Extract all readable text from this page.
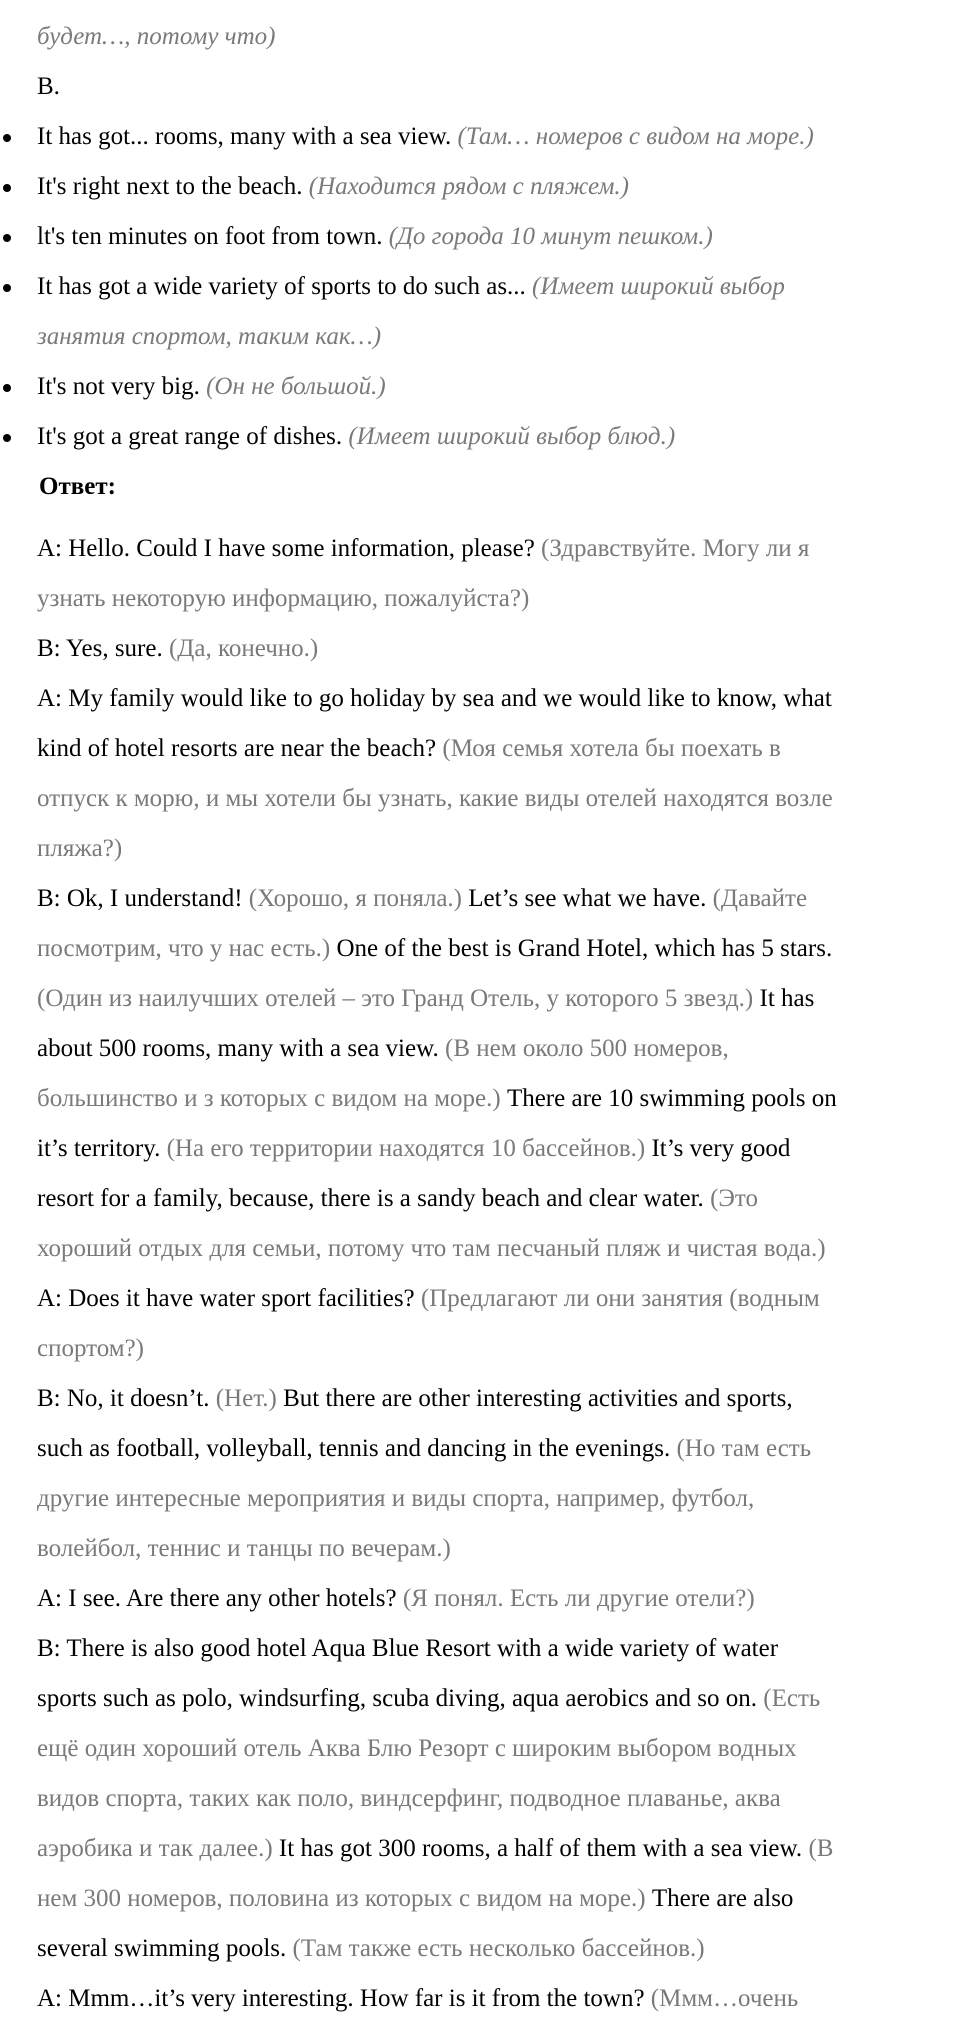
будет…, потому что)
B.
It has got... rooms, many with a sea view. (Там… номеров с видом на море.)
It's right next to the beach. (Находится рядом с пляжем.)
lt's ten minutes on foot from town. (До города 10 минут пешком.)
It has got a wide variety of sports to do such as... (Имеет широкий выбор
занятия спортом, таким как…)
It's not very big. (Он не большой.)
It's got a great range of dishes. (Имеет широкий выбор блюд.)
Ответ:

A: Hello. Could I have some information, please? (Здравствуйте. Могу ли я

узнать некоторую информацию, пожалуйста?)

B: Yes, sure. (Да, конечно.)

A: My family would like to go holiday by sea and we would like to know, what

kind of hotel resorts are near the beach? (Моя семья хотела бы поехать в

отпуск к морю, и мы хотели бы узнать, какие виды отелей находятся возле

пляжа?)

B: Ok, I understand! (Хорошо, я поняла.) Let’s see what we have. (Давайте

посмотрим, что у нас есть.) One of the best is Grand Hotel, which has 5 stars.

(Один из наилучших отелей – это Гранд Отель, у которого 5 звезд.) It has

about 500 rooms, many with a sea view. (В нем около 500 номеров,

большинство и з которых с видом на море.) There are 10 swimming pools on

it’s territory. (На его территории находятся 10 бассейнов.) It’s very good

resort for a family, because, there is a sandy beach and clear water. (Это

хороший отдых для семьи, потому что там песчаный пляж и чистая вода.)

A: Does it have water sport facilities? (Предлагают ли они занятия (водным

спортом?)

B: No, it doesn’t. (Нет.) But there are other interesting activities and sports,

such as football, volleyball, tennis and dancing in the evenings. (Но там есть

другие интересные мероприятия и виды спорта, например, футбол,

волейбол, теннис и танцы по вечерам.)

A: I see. Are there any other hotels? (Я понял. Есть ли другие отели?)

B: There is also good hotel Aqua Blue Resort with a wide variety of water

sports such as polo, windsurfing, scuba diving, aqua aerobics and so on. (Есть

ещё один хороший отель Аква Блю Резорт с широким выбором водных

видов спорта, таких как поло, виндсерфинг, подводное плаванье, аква

аэробика и так далее.) It has got 300 rooms, a half of them with a sea view. (В

нем 300 номеров, половина из которых с видом на море.) There are also

several swimming pools. (Там также есть несколько бассейнов.)

A: Mmm…it’s very interesting. How far is it from the town? (Ммм…очень
